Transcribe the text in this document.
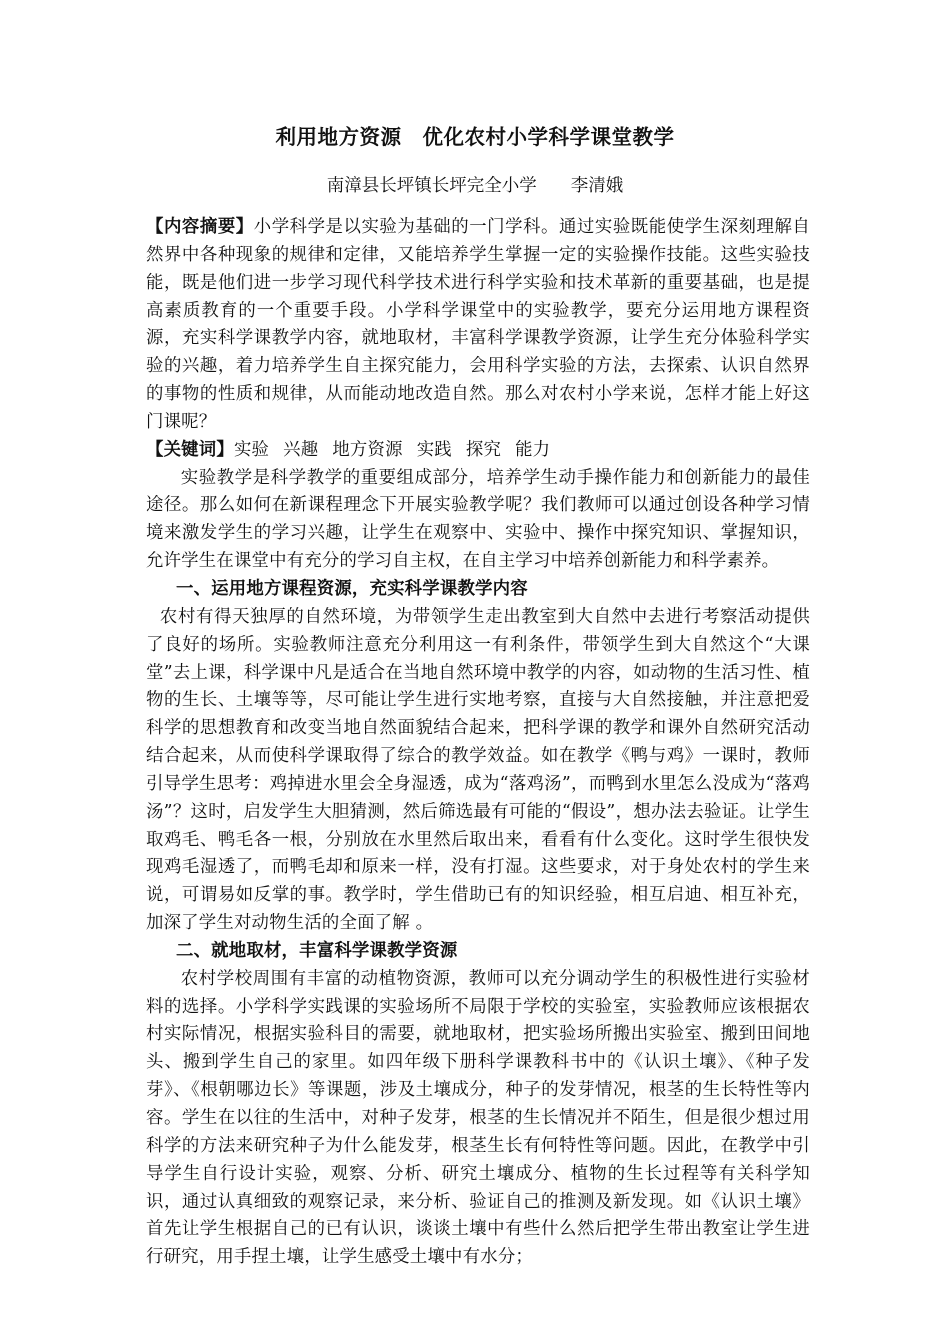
利用地方资源　优化农村小学科学课堂教学
南漳县长坪镇长坪完全小学 李清娥

【内容摘要】小学科学是以实验为基础的一门学科。通过实验既能使学生深刻理解自然界中各种现象的规律和定律，又能培养学生掌握一定的实验操作技能。这些实验技能，既是他们进一步学习现代科学技术进行科学实验和技术革新的重要基础，也是提高素质教育的一个重要手段。小学科学课堂中的实验教学，要充分运用地方课程资源，充实科学课教学内容，就地取材，丰富科学课教学资源，让学生充分体验科学实验的兴趣，着力培养学生自主探究能力，会用科学实验的方法，去探索、认识自然界的事物的性质和规律，从而能动地改造自然。那么对农村小学来说，怎样才能上好这门课呢？

【关键词】实验 兴趣 地方资源 实践 探究 能力

实验教学是科学教学的重要组成部分，培养学生动手操作能力和创新能力的最佳途径。那么如何在新课程理念下开展实验教学呢？我们教师可以通过创设各种学习情境来激发学生的学习兴趣，让学生在观察中、实验中、操作中探究知识、掌握知识，允许学生在课堂中有充分的学习自主权，在自主学习中培养创新能力和科学素养。

一、运用地方课程资源，充实科学课教学内容

农村有得天独厚的自然环境，为带领学生走出教室到大自然中去进行考察活动提供了良好的场所。实验教师注意充分利用这一有利条件，带领学生到大自然这个“大课堂”去上课，科学课中凡是适合在当地自然环境中教学的内容，如动物的生活习性、植物的生长、土壤等等，尽可能让学生进行实地考察，直接与大自然接触，并注意把爱科学的思想教育和改变当地自然面貌结合起来，把科学课的教学和课外自然研究活动结合起来，从而使科学课取得了综合的教学效益。如在教学《鸭与鸡》一课时，教师引导学生思考：鸡掉进水里会全身湿透，成为“落鸡汤”，而鸭到水里怎么没成为“落鸡汤”？这时，启发学生大胆猜测，然后筛选最有可能的“假设”，想办法去验证。让学生取鸡毛、鸭毛各一根，分别放在水里然后取出来，看看有什么变化。这时学生很快发现鸡毛湿透了，而鸭毛却和原来一样，没有打湿。这些要求，对于身处农村的学生来说，可谓易如反掌的事。教学时，学生借助已有的知识经验，相互启迪、相互补充，加深了学生对动物生活的全面了解 。

二、就地取材，丰富科学课教学资源

农村学校周围有丰富的动植物资源，教师可以充分调动学生的积极性进行实验材料的选择。小学科学实践课的实验场所不局限于学校的实验室，实验教师应该根据农村实际情况，根据实验科目的需要，就地取材，把实验场所搬出实验室、搬到田间地头、搬到学生自己的家里。如四年级下册科学课教科书中的《认识土壤》、《种子发芽》、《根朝哪边长》等课题，涉及土壤成分，种子的发芽情况，根茎的生长特性等内容。学生在以往的生活中，对种子发芽，根茎的生长情况并不陌生，但是很少想过用科学的方法来研究种子为什么能发芽，根茎生长有何特性等问题。因此，在教学中引导学生自行设计实验，观察、分析、研究土壤成分、植物的生长过程等有关科学知识，通过认真细致的观察记录，来分析、验证自己的推测及新发现。如《认识土壤》首先让学生根据自己的已有认识，谈谈土壤中有些什么然后把学生带出教室让学生进行研究，用手捏土壤，让学生感受土壤中有水分；
